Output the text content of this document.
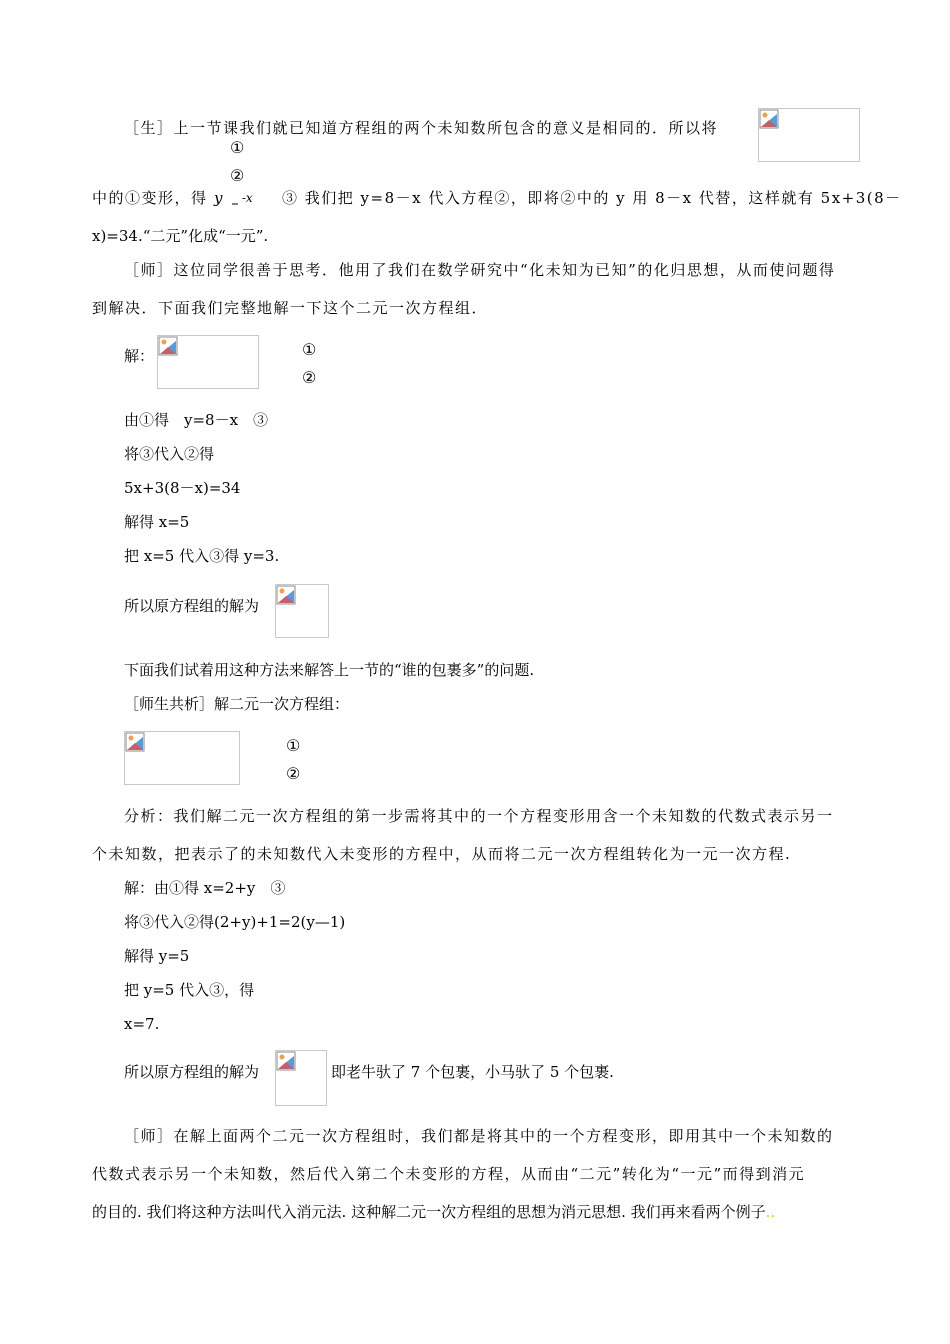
［生］上一节课我们就已知道方程组的两个未知数所包含的意义是相同的．所以将
①
②
中的①变形，得 y ‗ ‐x ③ 我们把 y=8－x 代入方程②，即将②中的 y 用 8－x 代替，这样就有 5x+3(8－
x)=34.“二元”化成“一元”.
［师］这位同学很善于思考．他用了我们在数学研究中“化未知为已知”的化归思想，从而使问题得
到解决．下面我们完整地解一下这个二元一次方程组．
解：	①
②
由①得　y=8－x　③
将③代入②得
5x+3(8－x)=34
解得 x=5
把 x=5 代入③得 y=3.
所以原方程组的解为
下面我们试着用这种方法来解答上一节的“谁的包裹多”的问题.
［师生共析］解二元一次方程组：
①
②
分析：我们解二元一次方程组的第一步需将其中的一个方程变形用含一个未知数的代数式表示另一
个未知数，把表示了的未知数代入未变形的方程中，从而将二元一次方程组转化为一元一次方程.
解：由①得 x=2+y　③
将③代入②得(2+y)+1=2(y—1)
解得 y=5
把 y=5 代入③，得
x=7.
所以原方程组的解为	即老牛驮了 7 个包裹，小马驮了 5 个包裹.
［师］在解上面两个二元一次方程组时，我们都是将其中的一个方程变形，即用其中一个未知数的
代数式表示另一个未知数，然后代入第二个未变形的方程，从而由“二元”转化为“一元”而得到消元
的目的. 我们将这种方法叫代入消元法. 这种解二元一次方程组的思想为消元思想. 我们再来看两个例子..
